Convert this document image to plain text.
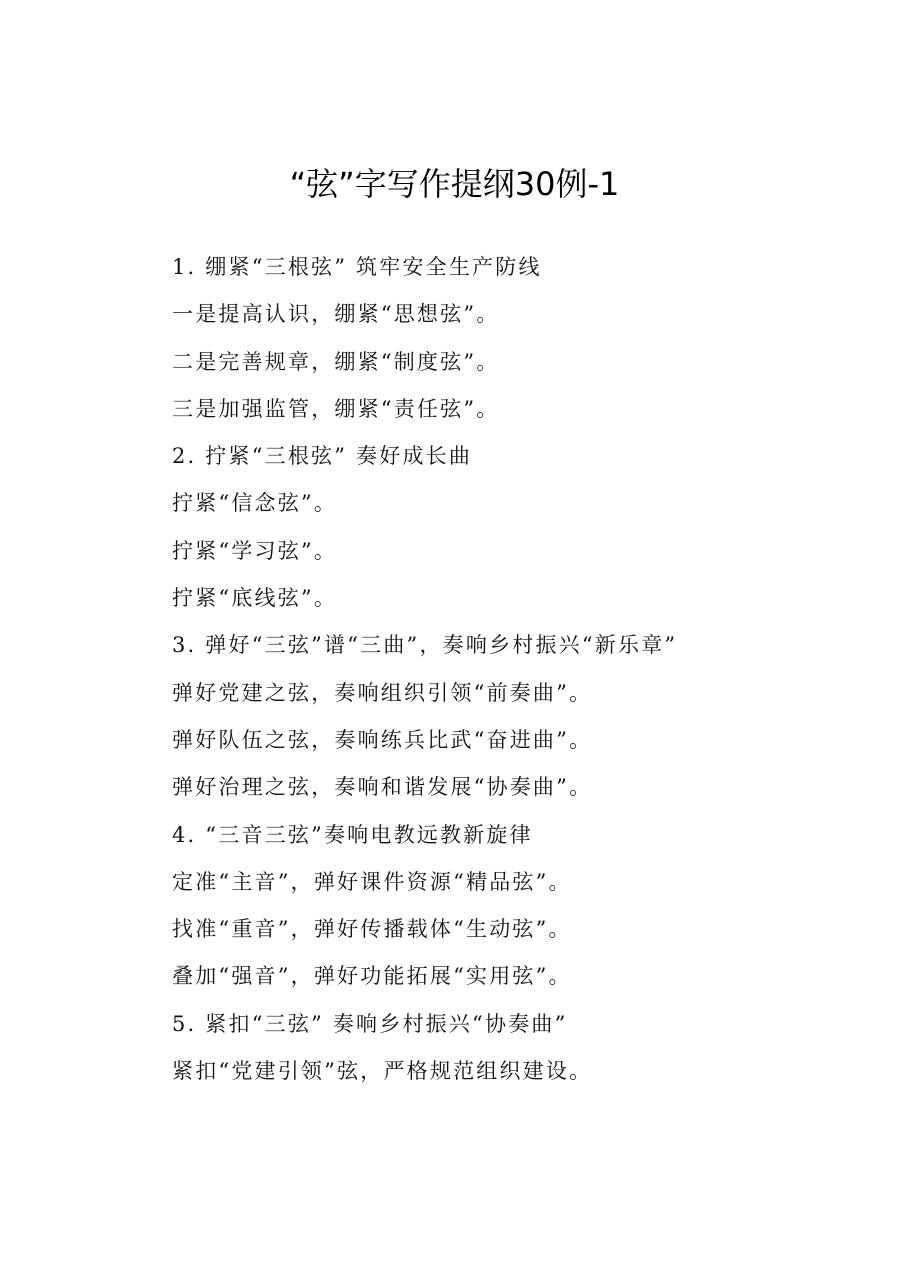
“弦”字写作提纲30例-1
1. 绷紧“三根弦” 筑牢安全生产防线
一是提高认识，绷紧“思想弦”。
二是完善规章，绷紧“制度弦”。
三是加强监管，绷紧“责任弦”。
2. 拧紧“三根弦” 奏好成长曲
拧紧“信念弦”。
拧紧“学习弦”。
拧紧“底线弦”。
3. 弹好“三弦”谱“三曲”，奏响乡村振兴“新乐章”
弹好党建之弦，奏响组织引领“前奏曲”。
弹好队伍之弦，奏响练兵比武“奋进曲”。
弹好治理之弦，奏响和谐发展“协奏曲”。
4. “三音三弦”奏响电教远教新旋律
定准“主音”，弹好课件资源“精品弦”。
找准“重音”，弹好传播载体“生动弦”。
叠加“强音”，弹好功能拓展“实用弦”。
5. 紧扣“三弦” 奏响乡村振兴“协奏曲”
紧扣“党建引领”弦，严格规范组织建设。
